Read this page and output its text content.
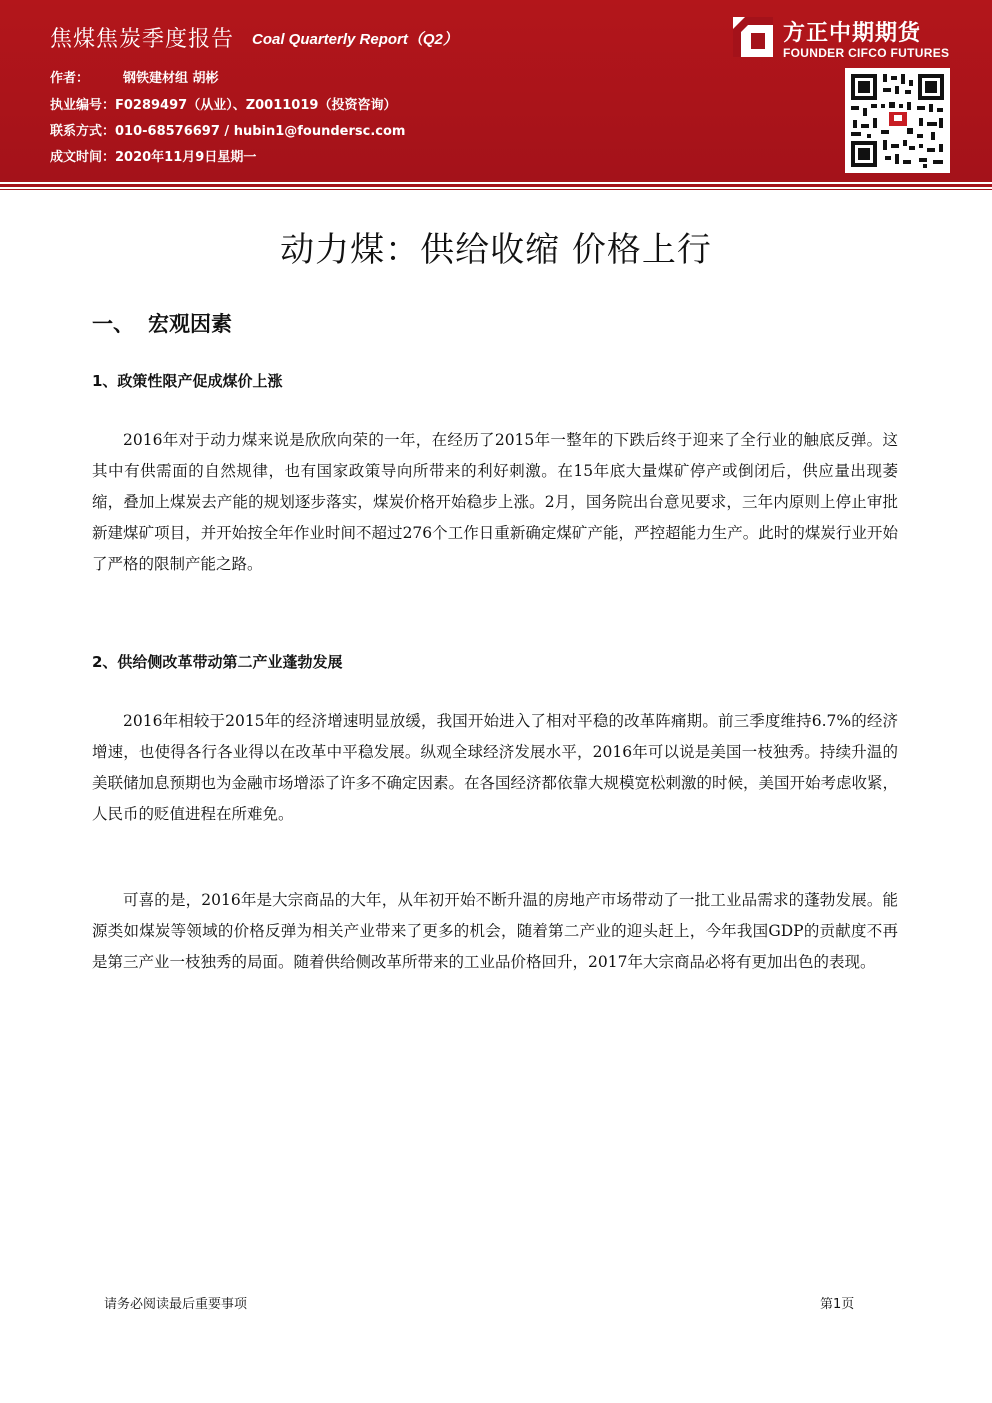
焦煤焦炭季度报告 Coal Quarterly Report（Q2）
作者：	钢铁建材组 胡彬
执业编号：F0289497（从业）、Z0011019（投资咨询）
联系方式：010-68576697 / hubin1@foundersc.com
成文时间：2020年11月9日星期一
方正中期期货
FOUNDER CIFCO FUTURES
动力煤：供给收缩 价格上行
一、 宏观因素
1、政策性限产促成煤价上涨

2016年对于动力煤来说是欣欣向荣的一年，在经历了2015年一整年的下跌后终于迎来了全行业的触底反弹。这其中有供需面的自然规律，也有国家政策导向所带来的利好刺激。在15年底大量煤矿停产或倒闭后，供应量出现萎缩，叠加上煤炭去产能的规划逐步落实，煤炭价格开始稳步上涨。2月，国务院出台意见要求，三年内原则上停止审批新建煤矿项目，并开始按全年作业时间不超过276个工作日重新确定煤矿产能，严控超能力生产。此时的煤炭行业开始了严格的限制产能之路。

2、供给侧改革带动第二产业蓬勃发展

2016年相较于2015年的经济增速明显放缓，我国开始进入了相对平稳的改革阵痛期。前三季度维持6.7%的经济增速，也使得各行各业得以在改革中平稳发展。纵观全球经济发展水平，2016年可以说是美国一枝独秀。持续升温的美联储加息预期也为金融市场增添了许多不确定因素。在各国经济都依靠大规模宽松刺激的时候，美国开始考虑收紧，人民币的贬值进程在所难免。

可喜的是，2016年是大宗商品的大年，从年初开始不断升温的房地产市场带动了一批工业品需求的蓬勃发展。能源类如煤炭等领域的价格反弹为相关产业带来了更多的机会，随着第二产业的迎头赶上，今年我国GDP的贡献度不再是第三产业一枝独秀的局面。随着供给侧改革所带来的工业品价格回升，2017年大宗商品必将有更加出色的表现。

请务必阅读最后重要事项	第1页
